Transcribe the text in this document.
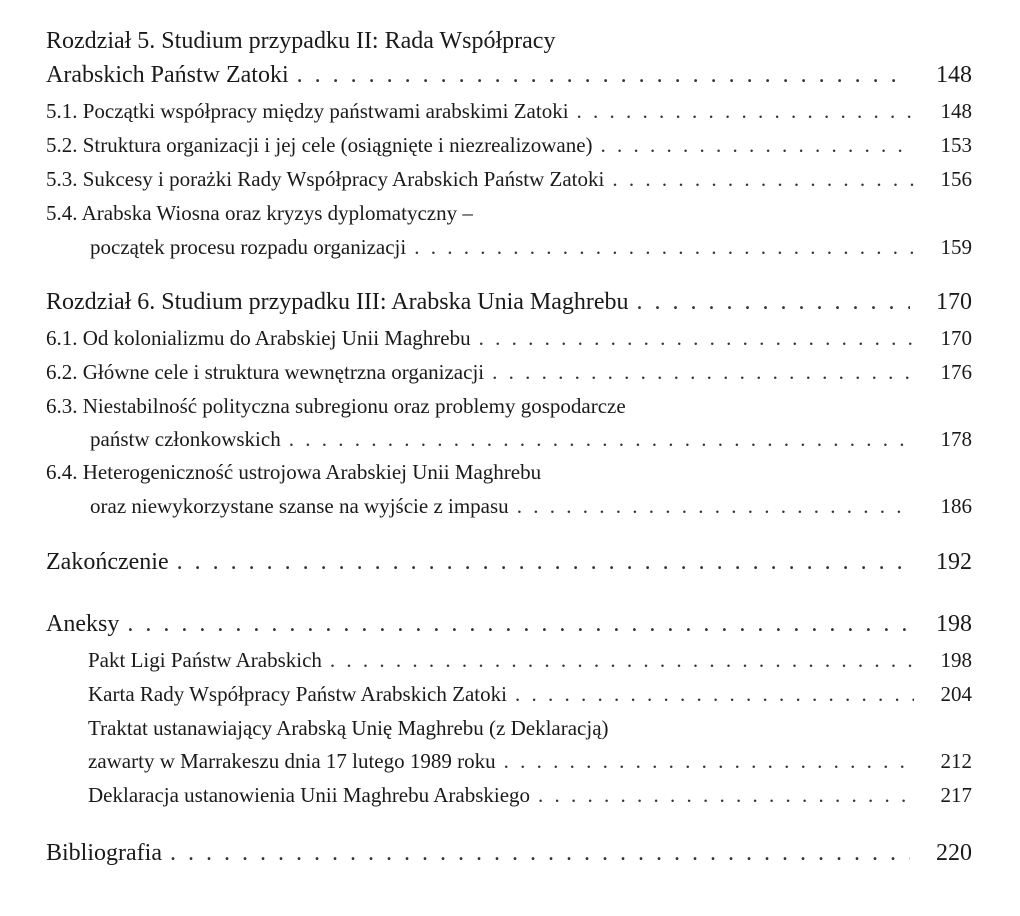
Rozdział 5. Studium przypadku II: Rada Współpracy
Arabskich Państw Zatoki . . .	148
5.1. Początki współpracy między państwami arabskimi Zatoki . . .	148
5.2. Struktura organizacji i jej cele (osiągnięte i niezrealizowane) . . .	153
5.3. Sukcesy i porażki Rady Współpracy Arabskich Państw Zatoki . . .	156
5.4. Arabska Wiosna oraz kryzys dyplomatyczny –
początek procesu rozpadu organizacji . . .	159
Rozdział 6. Studium przypadku III: Arabska Unia Maghrebu . . .	170
6.1. Od kolonializmu do Arabskiej Unii Maghrebu . . .	170
6.2. Główne cele i struktura wewnętrzna organizacji . . .	176
6.3. Niestabilność polityczna subregionu oraz problemy gospodarcze
państw członkowskich . . .	178
6.4. Heterogeniczność ustrojowa Arabskiej Unii Maghrebu
oraz niewykorzystane szanse na wyjście z impasu . . .	186
Zakończenie . . .	192
Aneksy . . .	198
Pakt Ligi Państw Arabskich . . .	198
Karta Rady Współpracy Państw Arabskich Zatoki . . .	204
Traktat ustanawiający Arabską Unię Maghrebu (z Deklaracją)
zawarty w Marrakeszu dnia 17 lutego 1989 roku . . .	212
Deklaracja ustanowienia Unii Maghrebu Arabskiego . . .	217
Bibliografia . . .	220
